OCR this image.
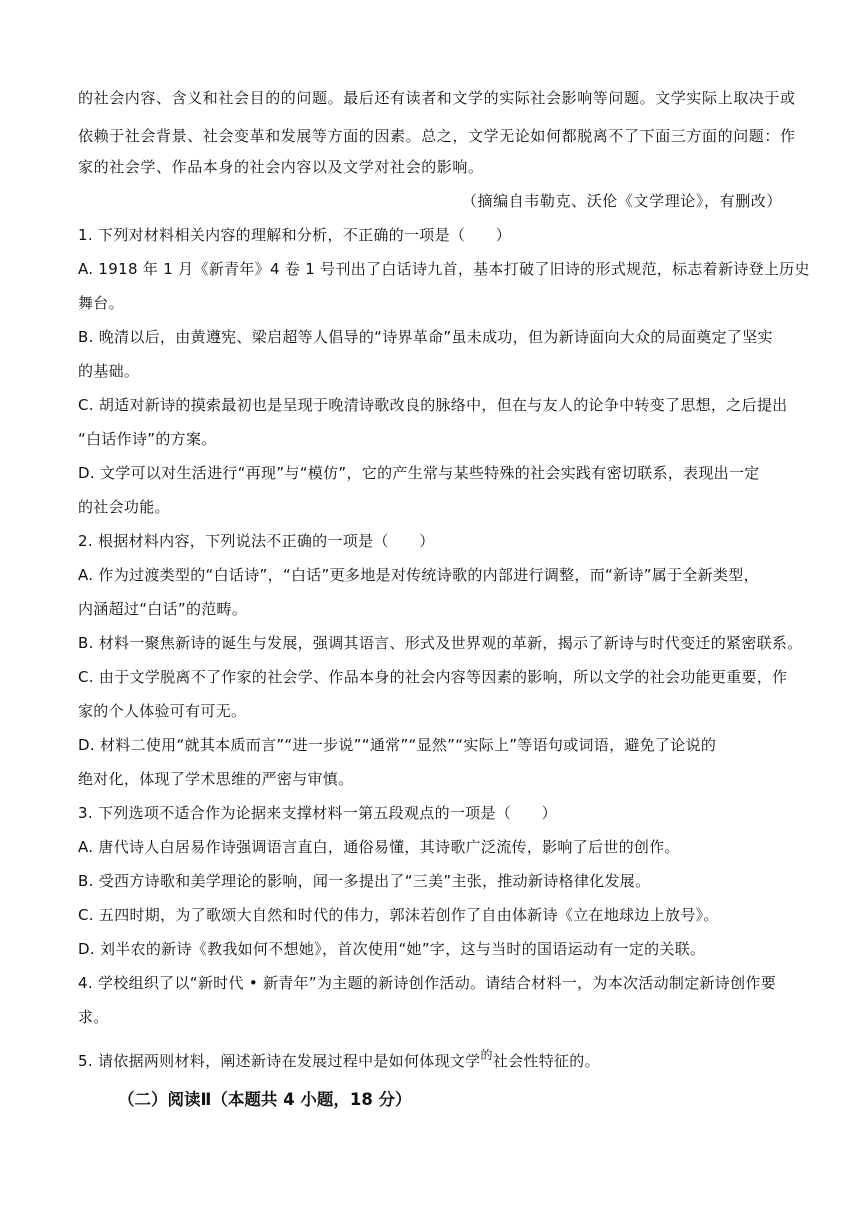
的社会内容、含义和社会目的的问题。最后还有读者和文学的实际社会影响等问题。文学实际上取决于或
依赖于社会背景、社会变革和发展等方面的因素。总之，文学无论如何都脱离不了下面三方面的问题：作
家的社会学、作品本身的社会内容以及文学对社会的影响。
（摘编自韦勒克、沃伦《文学理论》，有删改）
1. 下列对材料相关内容的理解和分析，不正确的一项是（　　）
A. 1918 年 1 月《新青年》4 卷 1 号刊出了白话诗九首，基本打破了旧诗的形式规范，标志着新诗登上历史
舞台。
B. 晚清以后，由黄遵宪、梁启超等人倡导的“诗界革命”虽未成功，但为新诗面向大众的局面奠定了坚实
的基础。
C. 胡适对新诗的摸索最初也是呈现于晚清诗歌改良的脉络中，但在与友人的论争中转变了思想，之后提出
“白话作诗”的方案。
D. 文学可以对生活进行“再现”与“模仿”，它的产生常与某些特殊的社会实践有密切联系，表现出一定
的社会功能。
2. 根据材料内容，下列说法不正确的一项是（　　）
A. 作为过渡类型的“白话诗”，“白话”更多地是对传统诗歌的内部进行调整，而“新诗”属于全新类型，
内涵超过“白话”的范畴。
B. 材料一聚焦新诗的诞生与发展，强调其语言、形式及世界观的革新，揭示了新诗与时代变迁的紧密联系。
C. 由于文学脱离不了作家的社会学、作品本身的社会内容等因素的影响，所以文学的社会功能更重要，作
家的个人体验可有可无。
D. 材料二使用“就其本质而言”“进一步说”“通常”“显然”“实际上”等语句或词语，避免了论说的
绝对化，体现了学术思维的严密与审慎。
3. 下列选项不适合作为论据来支撑材料一第五段观点的一项是（　　）
A. 唐代诗人白居易作诗强调语言直白，通俗易懂，其诗歌广泛流传，影响了后世的创作。
B. 受西方诗歌和美学理论的影响，闻一多提出了“三美”主张，推动新诗格律化发展。
C. 五四时期，为了歌颂大自然和时代的伟力，郭沫若创作了自由体新诗《立在地球边上放号》。
D. 刘半农的新诗《教我如何不想她》，首次使用“她”字，这与当时的国语运动有一定的关联。
4. 学校组织了以“新时代 • 新青年”为主题的新诗创作活动。请结合材料一，为本次活动制定新诗创作要
求。
5. 请依据两则材料，阐述新诗在发展过程中是如何体现文学$^的$社会性特征的。
（二）阅读Ⅱ（本题共 4 小题，18 分）
